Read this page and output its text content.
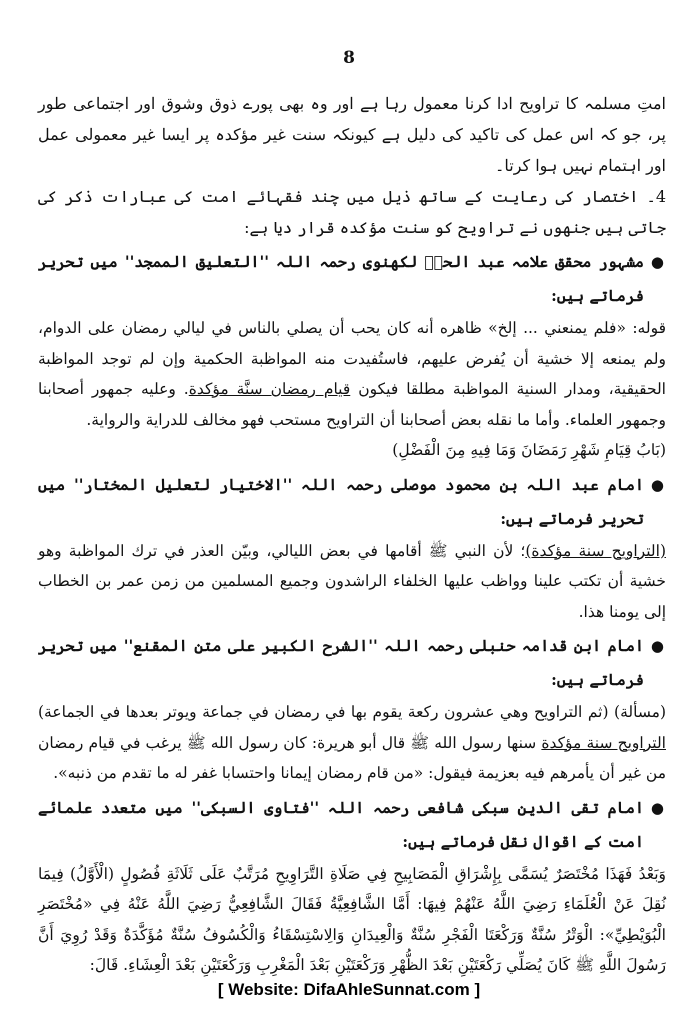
8

امتِ مسلمہ کا تراویح ادا کرنا معمول رہا ہے اور وہ بھی پورے ذوق وشوق اور اجتماعی طور پر، جو کہ اس عمل کی تاکید کی دلیل ہے کیونکہ سنت غیر مؤکدہ پر ایسا غیر معمولی عمل اور اہتمام نہیں ہوا کرتا۔

4۔ اختصار کی رعایت کے ساتھ ذیل میں چند فقہائے امت کی عبارات ذکر کی جاتی ہیں جنھوں نے تراویح کو سنت مؤکدہ قرار دیا ہے:

●
مشہور محقق علامہ عبد الحیؒ لکھنوی رحمہ اللہ ''التعلیق الممجد'' میں تحریر فرماتے ہیں:

قوله: «فلم يمنعني ... إلخ» ظاهره أنه كان يحب أن يصلي بالناس في ليالي رمضان على الدوام، ولم يمنعه إلا خشية أن يُفرض عليهم، فاستُفيدت منه المواظبة الحكمية وإن لم توجد المواظبة الحقيقية، ومدار السنية المواظبة مطلقا فيكون قيام رمضان سنَّة مؤكدة. وعليه جمهور أصحابنا وجمهور العلماء. وأما ما نقله بعض أصحابنا أن التراويح مستحب فهو مخالف للدراية والرواية.

(بَابُ قِيَامِ شَهْرِ رَمَضَانَ وَمَا فِيهِ مِنَ الْفَضْلِ)

●
امام عبد اللہ بن محمود موصلی رحمہ اللہ ''الاختیار لتعلیل المختار'' میں تحریر فرماتے ہیں:

(التراويح سنة مؤكدة)؛ لأن النبي ﷺ أقامها في بعض الليالي، وبيّن العذر في ترك المواظبة وهو خشية أن تكتب علينا وواظب عليها الخلفاء الراشدون وجميع المسلمين من زمن عمر بن الخطاب إلى يومنا هذا.

●
امام ابن قدامہ حنبلی رحمہ اللہ ''الشرح الکبیر علی متن المقنع'' میں تحریر فرماتے ہیں:

(مسألة) (ثم التراويح وهي عشرون ركعة يقوم بها في رمضان في جماعة ويوتر بعدها في الجماعة) التراويح سنة مؤكدة سنها رسول الله ﷺ قال أبو هريرة: كان رسول الله ﷺ يرغب في قيام رمضان من غير أن يأمرهم فيه بعزيمة فيقول: «من قام رمضان إيمانا واحتسابا غفر له ما تقدم من ذنبه».

●
امام تقی الدین سبکی شافعی رحمہ اللہ ''فتاوی السبکی'' میں متعدد علمائے امت کے اقوال نقل فرماتے ہیں:

وَبَعْدُ فَهَذَا مُخْتَصَرٌ يُسَمَّى بِإِشْرَاقِ الْمَصَابِيحِ فِي صَلَاةِ التَّرَاوِيحِ مُرَتَّبٌ عَلَى ثَلَاثَةِ فُصُولٍ (الْأَوَّلُ) فِيمَا نُقِلَ عَنْ الْعُلَمَاءِ رَضِيَ اللَّهُ عَنْهُمْ فِيهَا: أَمَّا الشَّافِعِيَّةُ فَقَالَ الشَّافِعِيُّ رَضِيَ اللَّهُ عَنْهُ فِي «مُخْتَصَرِ الْبُوَيْطِيِّ»: الْوَتْرُ سُنَّةٌ وَرَكْعَتَا الْفَجْرِ سُنَّةٌ وَالْعِيدَانِ وَالِاسْتِسْقَاءُ وَالْكُسُوفُ سُنَّةٌ مُؤَكَّدَةٌ وَقَدْ رُوِيَ أَنَّ رَسُولَ اللَّهِ ﷺ كَانَ يُصَلِّي رَكْعَتَيْنِ بَعْدَ الظُّهْرِ وَرَكْعَتَيْنِ بَعْدَ الْمَغْرِبِ وَرَكْعَتَيْنِ بَعْدَ الْعِشَاءِ. قَالَ:

[ Website: DifaAhleSunnat.com ]
